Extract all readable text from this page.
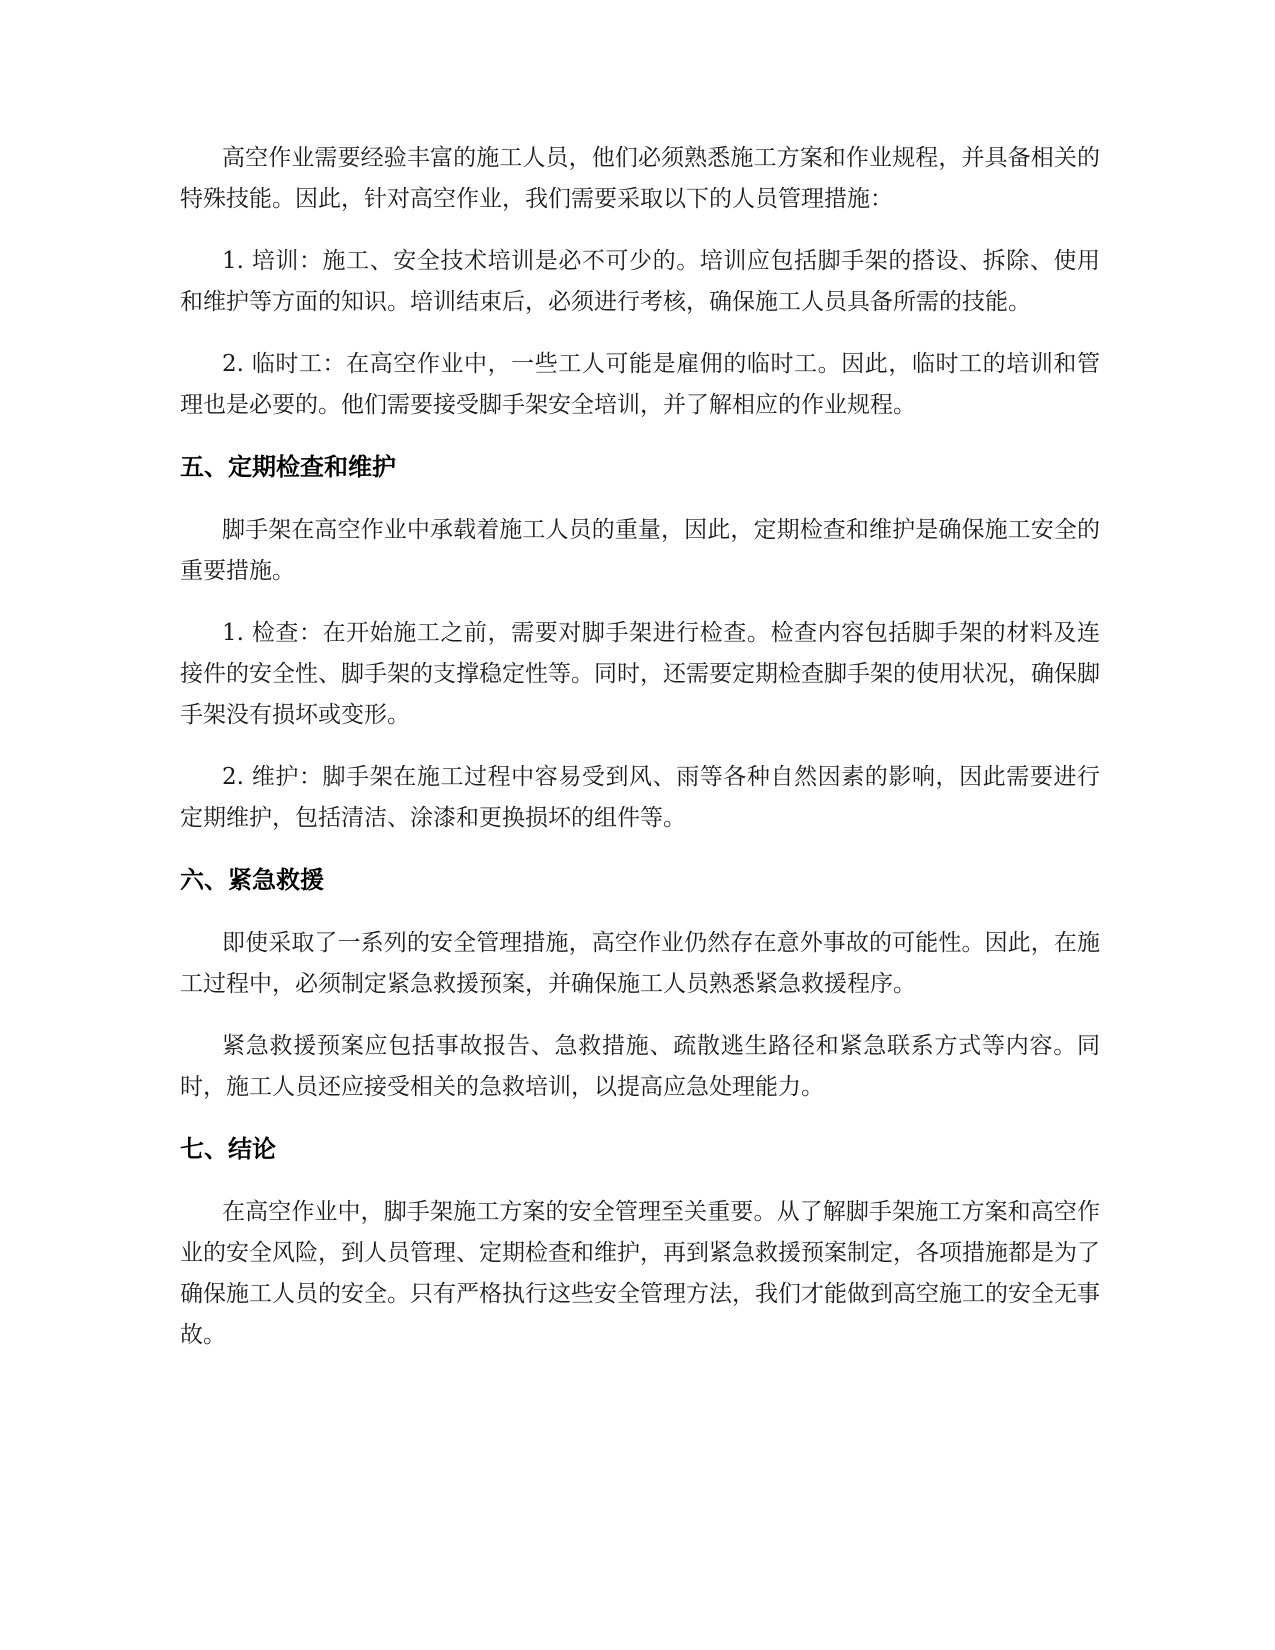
高空作业需要经验丰富的施工人员，他们必须熟悉施工方案和作业规程，并具备相关的特殊技能。因此，针对高空作业，我们需要采取以下的人员管理措施：

1. 培训：施工、安全技术培训是必不可少的。培训应包括脚手架的搭设、拆除、使用和维护等方面的知识。培训结束后，必须进行考核，确保施工人员具备所需的技能。

2. 临时工：在高空作业中，一些工人可能是雇佣的临时工。因此，临时工的培训和管理也是必要的。他们需要接受脚手架安全培训，并了解相应的作业规程。

五、定期检查和维护

脚手架在高空作业中承载着施工人员的重量，因此，定期检查和维护是确保施工安全的重要措施。

1. 检查：在开始施工之前，需要对脚手架进行检查。检查内容包括脚手架的材料及连接件的安全性、脚手架的支撑稳定性等。同时，还需要定期检查脚手架的使用状况，确保脚手架没有损坏或变形。

2. 维护：脚手架在施工过程中容易受到风、雨等各种自然因素的影响，因此需要进行定期维护，包括清洁、涂漆和更换损坏的组件等。

六、紧急救援

即使采取了一系列的安全管理措施，高空作业仍然存在意外事故的可能性。因此，在施工过程中，必须制定紧急救援预案，并确保施工人员熟悉紧急救援程序。

紧急救援预案应包括事故报告、急救措施、疏散逃生路径和紧急联系方式等内容。同时，施工人员还应接受相关的急救培训，以提高应急处理能力。

七、结论

在高空作业中，脚手架施工方案的安全管理至关重要。从了解脚手架施工方案和高空作业的安全风险，到人员管理、定期检查和维护，再到紧急救援预案制定，各项措施都是为了确保施工人员的安全。只有严格执行这些安全管理方法，我们才能做到高空施工的安全无事故。
